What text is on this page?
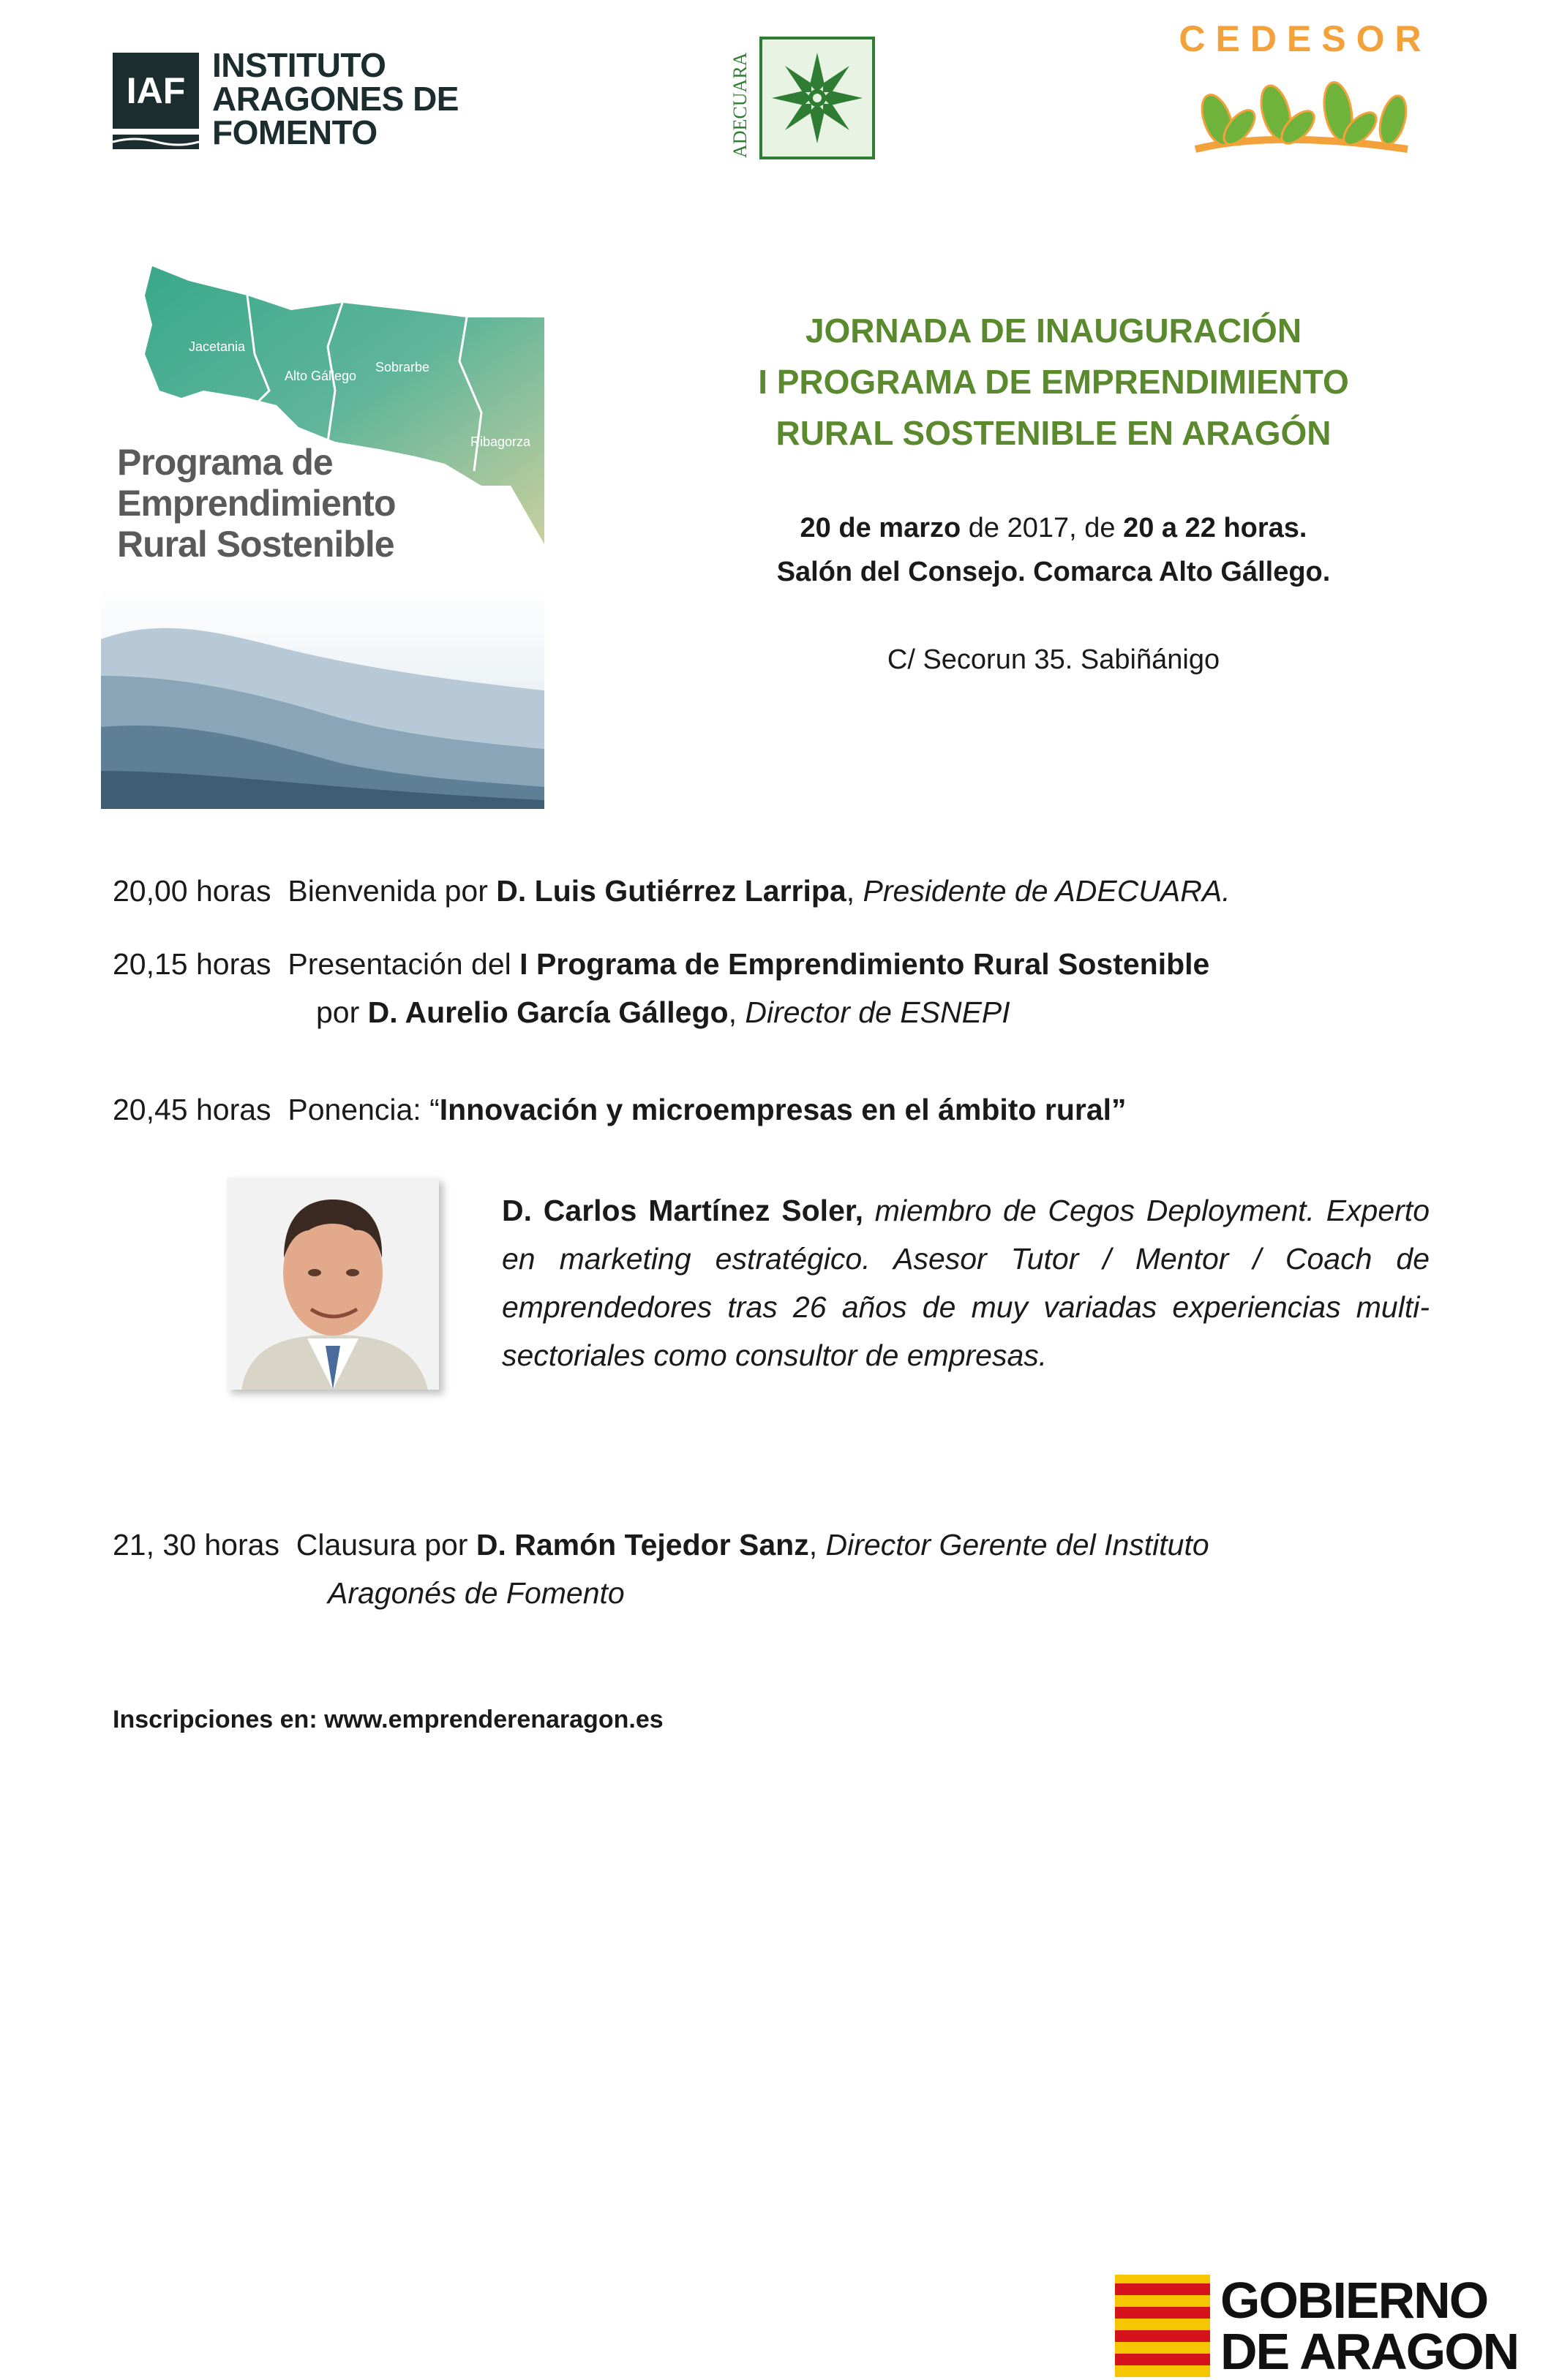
IAF
INSTITUTO
ARAGONES DE
FOMENTO	ADECUARA
CEDESOR
Jacetania
Alto Gállego
Sobrarbe
Ribagorza
Programa de
Emprendimiento
Rural Sostenible
JORNADA DE INAUGURACIÓN
I PROGRAMA DE EMPRENDIMIENTO
RURAL SOSTENIBLE EN ARAGÓN
20 de marzo de 2017, de 20 a 22 horas.
Salón del Consejo. Comarca Alto Gállego.
C/ Secorun 35. Sabiñánigo
20,00 horas  Bienvenida por D. Luis Gutiérrez Larripa, Presidente de ADECUARA.
20,15 horas  Presentación del I Programa de Emprendimiento Rural Sostenible
por D. Aurelio García Gállego, Director de ESNEPI
20,45 horas  Ponencia: “Innovación y microempresas en el ámbito rural”
D. Carlos Martínez Soler, miembro de Cegos Deployment. Experto en marketing estratégico. Asesor Tutor / Mentor / Coach de emprendedores tras 26 años de muy variadas experiencias multi-sectoriales como consultor de empresas.
21, 30 horas  Clausura por D. Ramón Tejedor Sanz, Director Gerente del Instituto
Aragonés de Fomento
Inscripciones en: www.emprenderenaragon.es
GOBIERNO
DE ARAGON
